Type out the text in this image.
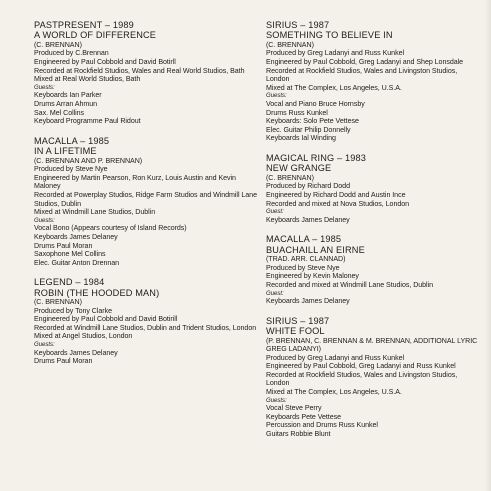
PASTPRESENT – 1989
A WORLD OF DIFFERENCE
(C. BRENNAN)
Produced by C.Brennan
Engineered by Paul Cobbold and David Botirll
Recorded at Rockfield Studios, Wales and Real World Studios, Bath
Mixed at Real World Studios, Bath
Guests:
Keyboards Ian Parker
Drums Arran Ahmun
Sax. Mel Collins
Keyboard Programme Paul Ridout
MACALLA – 1985
IN A LIFETIME
(C. BRENNAN AND P. BRENNAN)
Produced by Steve Nye
Engineered by Martin Pearson, Ron Kurz, Louis Austin and Kevin Maloney
Recorded at Powerplay Studios, Ridge Farm Studios and Windmill Lane Studios, Dublin
Mixed at Windmill Lane Studios, Dublin
Guests:
Vocal Bono (Appears courtesy of Island Records)
Keyboards James Delaney
Drums Paul Moran
Saxophone Mel Collins
Elec. Guitar Anton Drennan
LEGEND – 1984
ROBIN (THE HOODED MAN)
(C. BRENNAN)
Produced by Tony Clarke
Engineered by Paul Cobbold and David Botirill
Recorded at Windmill Lane Studios, Dublin and Trident Studios, London
Mixed at Angel Studios, London
Guests:
Keyboards James Delaney
Drums Paul Moran
SIRIUS – 1987
SOMETHING TO BELIEVE IN
(C. BRENNAN)
Produced by Greg Ladanyi and Russ Kunkel
Engineered by Paul Cobbold, Greg Ladanyi and Shep Lonsdale
Recorded at Rockfield Studios, Wales and Livingston Studios, London
Mixed at The Complex, Los Angeles, U.S.A.
Guests:
Vocal and Piano Bruce Hornsby
Drums Russ Kunkel
Keyboards: Solo Pete Vettese
Elec. Guitar Philip Donnelly
Keyboards Ial Winding
MAGICAL RING – 1983
NEW GRANGE
(C. BRENNAN)
Produced by Richard Dodd
Engineered by Richard Dodd and Austin Ince
Recorded and mixed at Nova Studios, London
Guest:
Keyboards James Delaney
MACALLA – 1985
BUACHAILL AN EIRNE
(TRAD. ARR. CLANNAD)
Produced by Steve Nye
Engineered by Kevin Maloney
Recorded and mixed at Windmill Lane Studios, Dublin
Guest:
Keyboards James Delaney
SIRIUS – 1987
WHITE FOOL
(P. BRENNAN, C. BRENNAN & M. BRENNAN, ADDITIONAL LYRIC GREG LADANYI)
Produced by Greg Ladanyi and Russ Kunkel
Engineered by Paul Cobbold, Greg Ladanyi and Russ Kunkel
Recorded at Rockfield Studios, Wales and Livingston Studios, London
Mixed at The Complex, Los Angeles, U.S.A.
Guests:
Vocal Steve Perry
Keyboards Pete Vettese
Percussion and Drums Russ Kunkel
Guitars Robbie Blunt
